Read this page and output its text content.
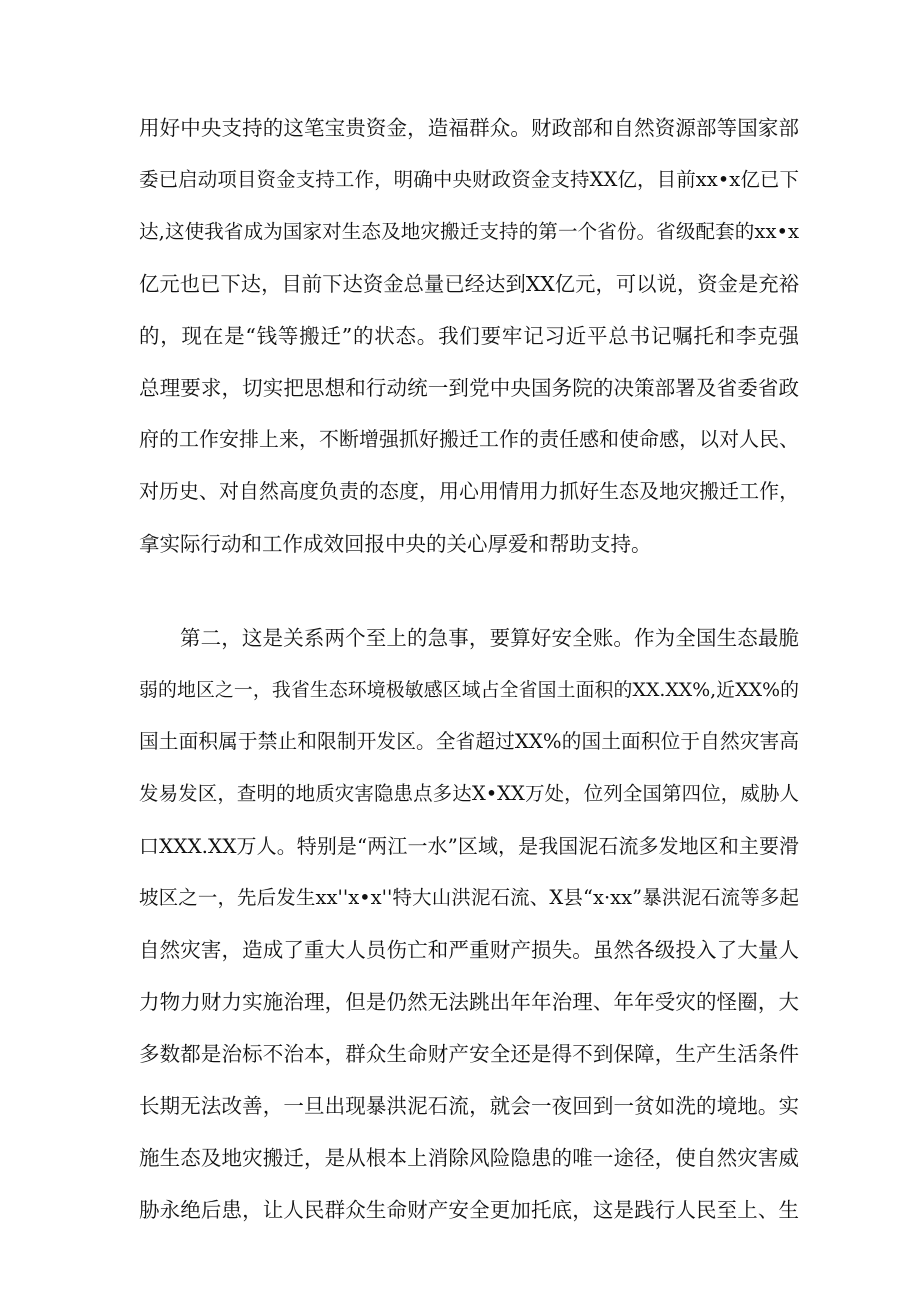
用好中央支持的这笔宝贵资金，造福群众。财政部和自然资源部等国家部
委已启动项目资金支持工作，明确中央财政资金支持XX亿，目前xx•x亿已下
达,这使我省成为国家对生态及地灾搬迁支持的第一个省份。省级配套的xx•x
亿元也已下达，目前下达资金总量已经达到XX亿元，可以说，资金是充裕
的，现在是“钱等搬迁”的状态。我们要牢记习近平总书记嘱托和李克强
总理要求，切实把思想和行动统一到党中央国务院的决策部署及省委省政
府的工作安排上来，不断增强抓好搬迁工作的责任感和使命感，以对人民、
对历史、对自然高度负责的态度，用心用情用力抓好生态及地灾搬迁工作，
拿实际行动和工作成效回报中央的关心厚爱和帮助支持。
第二，这是关系两个至上的急事，要算好安全账。作为全国生态最脆
弱的地区之一，我省生态环境极敏感区域占全省国土面积的XX.XX%,近XX%的
国土面积属于禁止和限制开发区。全省超过XX%的国土面积位于自然灾害高
发易发区，查明的地质灾害隐患点多达X•XX万处，位列全国第四位，威胁人
口XXX.XX万人。特别是“两江一水”区域，是我国泥石流多发地区和主要滑
坡区之一，先后发生xx''x•x''特大山洪泥石流、X县“x·xx”暴洪泥石流等多起
自然灾害，造成了重大人员伤亡和严重财产损失。虽然各级投入了大量人
力物力财力实施治理，但是仍然无法跳出年年治理、年年受灾的怪圈，大
多数都是治标不治本，群众生命财产安全还是得不到保障，生产生活条件
长期无法改善，一旦出现暴洪泥石流，就会一夜回到一贫如洗的境地。实
施生态及地灾搬迁，是从根本上消除风险隐患的唯一途径，使自然灾害威
胁永绝后患，让人民群众生命财产安全更加托底，这是践行人民至上、生
